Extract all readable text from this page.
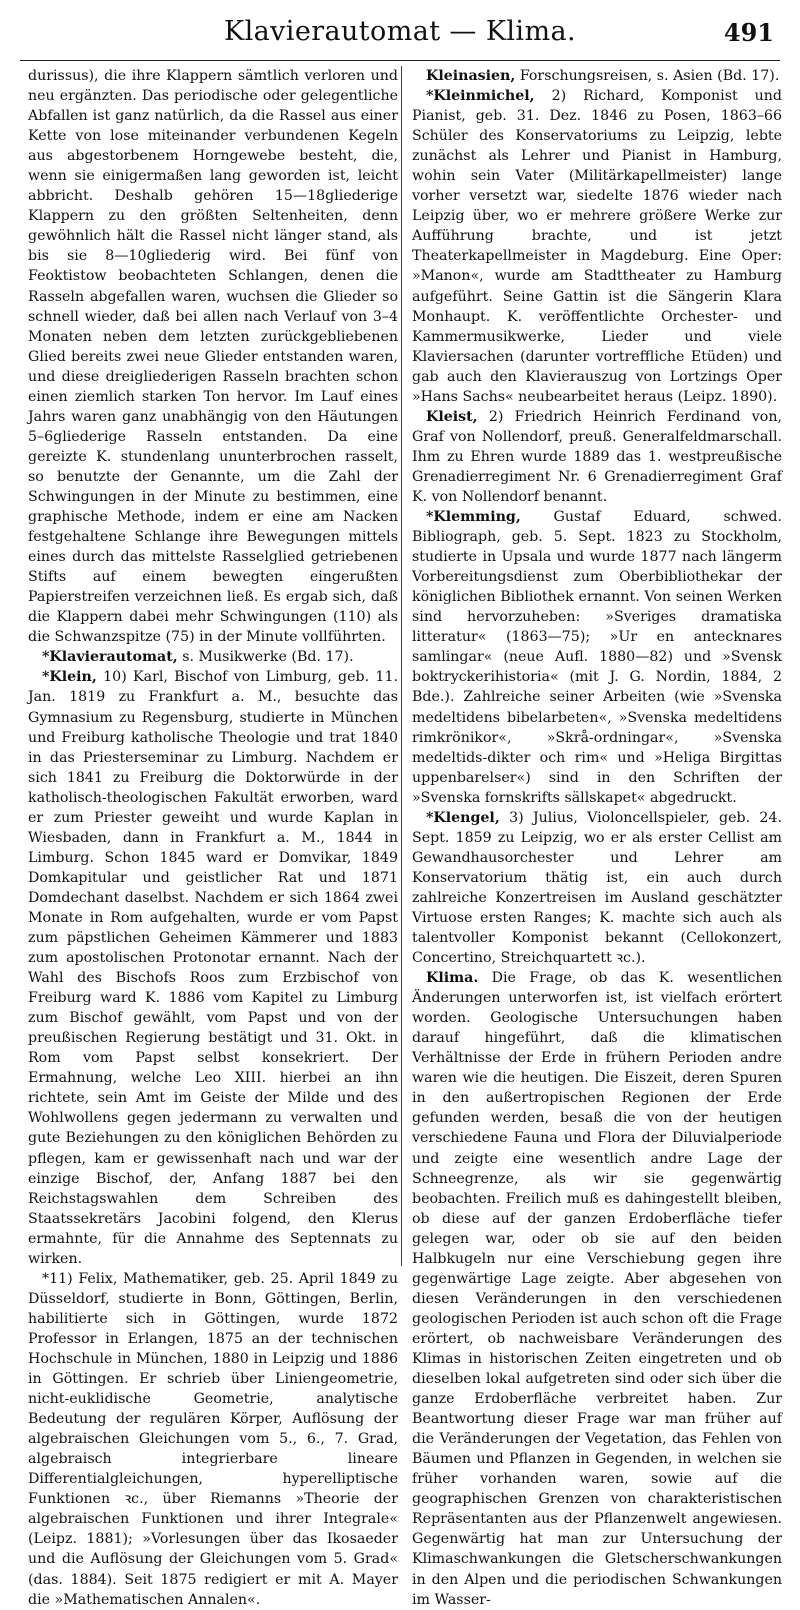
Klavierautomat — Klima.	491

durissus), die ihre Klappern sämtlich verloren und neu ergänzten. Das periodische oder gelegentliche Abfallen ist ganz natürlich, da die Rassel aus einer Kette von lose miteinander verbundenen Kegeln aus abgestorbenem Horngewebe besteht, die, wenn sie einigermaßen lang geworden ist, leicht abbricht. Deshalb gehören 15—18gliederige Klappern zu den größten Seltenheiten, denn gewöhnlich hält die Rassel nicht länger stand, als bis sie 8—10gliederig wird. Bei fünf von Feoktistow beobachteten Schlangen, denen die Rasseln abgefallen waren, wuchsen die Glieder so schnell wieder, daß bei allen nach Verlauf von 3–4 Monaten neben dem letzten zurückgebliebenen Glied bereits zwei neue Glieder entstanden waren, und diese dreigliederigen Rasseln brachten schon einen ziemlich starken Ton hervor. Im Lauf eines Jahrs waren ganz unabhängig von den Häutungen 5–6gliederige Rasseln entstanden. Da eine gereizte K. stundenlang ununterbrochen rasselt, so benutzte der Genannte, um die Zahl der Schwingungen in der Minute zu bestimmen, eine graphische Methode, indem er eine am Nacken festgehaltene Schlange ihre Bewegungen mittels eines durch das mittelste Rasselglied getriebenen Stifts auf einem bewegten eingerußten Papierstreifen verzeichnen ließ. Es ergab sich, daß die Klappern dabei mehr Schwingungen (110) als die Schwanzspitze (75) in der Minute vollführten.

*Klavierautomat, s. Musikwerke (Bd. 17).

*Klein, 10) Karl, Bischof von Limburg, geb. 11. Jan. 1819 zu Frankfurt a. M., besuchte das Gymnasium zu Regensburg, studierte in München und Freiburg katholische Theologie und trat 1840 in das Priesterseminar zu Limburg. Nachdem er sich 1841 zu Freiburg die Doktorwürde in der katholisch-theologischen Fakultät erworben, ward er zum Priester geweiht und wurde Kaplan in Wiesbaden, dann in Frankfurt a. M., 1844 in Limburg. Schon 1845 ward er Domvikar, 1849 Domkapitular und geistlicher Rat und 1871 Domdechant daselbst. Nachdem er sich 1864 zwei Monate in Rom aufgehalten, wurde er vom Papst zum päpstlichen Geheimen Kämmerer und 1883 zum apostolischen Protonotar ernannt. Nach der Wahl des Bischofs Roos zum Erzbischof von Freiburg ward K. 1886 vom Kapitel zu Limburg zum Bischof gewählt, vom Papst und von der preußischen Regierung bestätigt und 31. Okt. in Rom vom Papst selbst konsekriert. Der Ermahnung, welche Leo XIII. hierbei an ihn richtete, sein Amt im Geiste der Milde und des Wohlwollens gegen jedermann zu verwalten und gute Beziehungen zu den königlichen Behörden zu pflegen, kam er gewissenhaft nach und war der einzige Bischof, der, Anfang 1887 bei den Reichstagswahlen dem Schreiben des Staatssekretärs Jacobini folgend, den Klerus ermahnte, für die Annahme des Septennats zu wirken.

*11) Felix, Mathematiker, geb. 25. April 1849 zu Düsseldorf, studierte in Bonn, Göttingen, Berlin, habilitierte sich in Göttingen, wurde 1872 Professor in Erlangen, 1875 an der technischen Hochschule in München, 1880 in Leipzig und 1886 in Göttingen. Er schrieb über Liniengeometrie, nicht-euklidische Geometrie, analytische Bedeutung der regulären Körper, Auflösung der algebraischen Gleichungen vom 5., 6., 7. Grad, algebraisch integrierbare lineare Differentialgleichungen, hyperelliptische Funktionen ꝛc., über Riemanns »Theorie der algebraischen Funktionen und ihrer Integrale« (Leipz. 1881); »Vorlesungen über das Ikosaeder und die Auflösung der Gleichungen vom 5. Grad« (das. 1884). Seit 1875 redigiert er mit A. Mayer die »Mathematischen Annalen«.

Kleinasien, Forschungsreisen, s. Asien (Bd. 17).

*Kleinmichel, 2) Richard, Komponist und Pianist, geb. 31. Dez. 1846 zu Posen, 1863–66 Schüler des Konservatoriums zu Leipzig, lebte zunächst als Lehrer und Pianist in Hamburg, wohin sein Vater (Militärkapellmeister) lange vorher versetzt war, siedelte 1876 wieder nach Leipzig über, wo er mehrere größere Werke zur Aufführung brachte, und ist jetzt Theaterkapellmeister in Magdeburg. Eine Oper: »Manon«, wurde am Stadttheater zu Hamburg aufgeführt. Seine Gattin ist die Sängerin Klara Monhaupt. K. veröffentlichte Orchester- und Kammermusikwerke, Lieder und viele Klaviersachen (darunter vortreffliche Etüden) und gab auch den Klavierauszug von Lortzings Oper »Hans Sachs« neubearbeitet heraus (Leipz. 1890).

Kleist, 2) Friedrich Heinrich Ferdinand von, Graf von Nollendorf, preuß. Generalfeldmarschall. Ihm zu Ehren wurde 1889 das 1. westpreußische Grenadierregiment Nr. 6 Grenadierregiment Graf K. von Nollendorf benannt.

*Klemming, Gustaf Eduard, schwed. Bibliograph, geb. 5. Sept. 1823 zu Stockholm, studierte in Upsala und wurde 1877 nach längerm Vorbereitungsdienst zum Oberbibliothekar der königlichen Bibliothek ernannt. Von seinen Werken sind hervorzuheben: »Sveriges dramatiska litteratur« (1863—75); »Ur en antecknares samlingar« (neue Aufl. 1880—82) und »Svensk boktryckerihistoria« (mit J. G. Nordin, 1884, 2 Bde.). Zahlreiche seiner Arbeiten (wie »Svenska medeltidens bibelarbeten«, »Svenska medeltidens rimkrönikor«, »Skrå-ordningar«, »Svenska medeltids-dikter och rim« und »Heliga Birgittas uppenbarelser«) sind in den Schriften der »Svenska fornskrifts sällskapet« abgedruckt.

*Klengel, 3) Julius, Violoncellspieler, geb. 24. Sept. 1859 zu Leipzig, wo er als erster Cellist am Gewandhausorchester und Lehrer am Konservatorium thätig ist, ein auch durch zahlreiche Konzertreisen im Ausland geschätzter Virtuose ersten Ranges; K. machte sich auch als talentvoller Komponist bekannt (Cellokonzert, Concertino, Streichquartett ꝛc.).

Klima. Die Frage, ob das K. wesentlichen Änderungen unterworfen ist, ist vielfach erörtert worden. Geologische Untersuchungen haben darauf hingeführt, daß die klimatischen Verhältnisse der Erde in frühern Perioden andre waren wie die heutigen. Die Eiszeit, deren Spuren in den außertropischen Regionen der Erde gefunden werden, besaß die von der heutigen verschiedene Fauna und Flora der Diluvialperiode und zeigte eine wesentlich andre Lage der Schneegrenze, als wir sie gegenwärtig beobachten. Freilich muß es dahingestellt bleiben, ob diese auf der ganzen Erdoberfläche tiefer gelegen war, oder ob sie auf den beiden Halbkugeln nur eine Verschiebung gegen ihre gegenwärtige Lage zeigte. Aber abgesehen von diesen Veränderungen in den verschiedenen geologischen Perioden ist auch schon oft die Frage erörtert, ob nachweisbare Veränderungen des Klimas in historischen Zeiten eingetreten und ob dieselben lokal aufgetreten sind oder sich über die ganze Erdoberfläche verbreitet haben. Zur Beantwortung dieser Frage war man früher auf die Veränderungen der Vegetation, das Fehlen von Bäumen und Pflanzen in Gegenden, in welchen sie früher vorhanden waren, sowie auf die geographischen Grenzen von charakteristischen Repräsentanten aus der Pflanzenwelt angewiesen. Gegenwärtig hat man zur Untersuchung der Klimaschwankungen die Gletscherschwankungen in den Alpen und die periodischen Schwankungen im Wasser-
